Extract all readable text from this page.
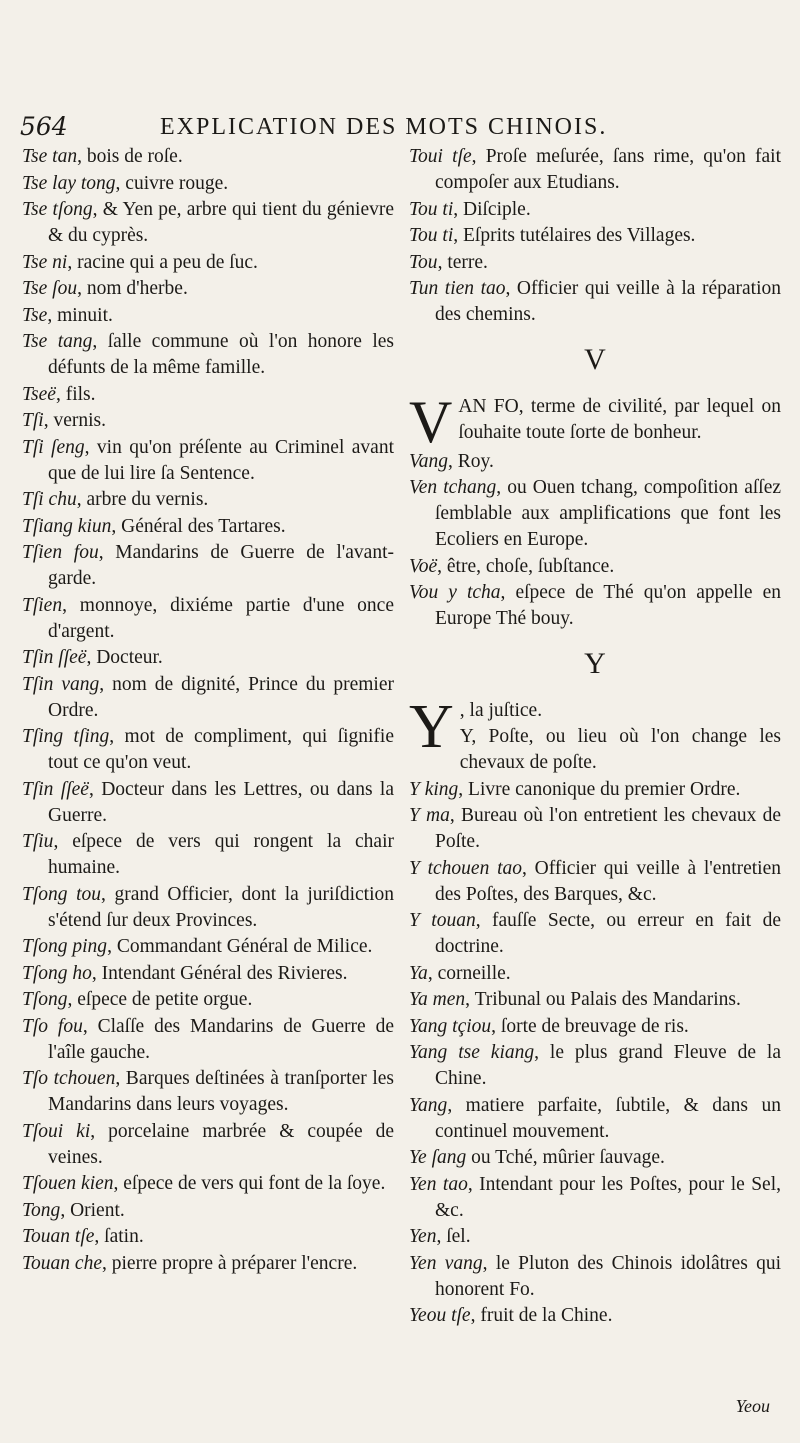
564	EXPLICATION DES MOTS CHINOIS.
Tse tan, bois de roſe.
Tse lay tong, cuivre rouge.
Tse tſong, & Yen pe, arbre qui tient du génievre & du cyprès.
Tse ni, racine qui a peu de ſuc.
Tse ſou, nom d'herbe.
Tse, minuit.
Tse tang, ſalle commune où l'on honore les défunts de la même famille.
Tseë, fils.
Tſi, vernis.
Tſi ſeng, vin qu'on préſente au Criminel avant que de lui lire ſa Sentence.
Tſi chu, arbre du vernis.
Tſiang kiun, Général des Tartares.
Tſien fou, Mandarins de Guerre de l'avant-garde.
Tſien, monnoye, dixiéme partie d'une once d'argent.
Tſin ſſeë, Docteur.
Tſin vang, nom de dignité, Prince du premier Ordre.
Tſing tſing, mot de compliment, qui ſignifie tout ce qu'on veut.
Tſin ſſeë, Docteur dans les Lettres, ou dans la Guerre.
Tſiu, eſpece de vers qui rongent la chair humaine.
Tſong tou, grand Officier, dont la juriſdiction s'étend ſur deux Provinces.
Tſong ping, Commandant Général de Milice.
Tſong ho, Intendant Général des Rivieres.
Tſong, eſpece de petite orgue.
Tſo fou, Claſſe des Mandarins de Guerre de l'aîle gauche.
Tſo tchouen, Barques deſtinées à tranſporter les Mandarins dans leurs voyages.
Tſoui ki, porcelaine marbrée & coupée de veines.
Tſouen kien, eſpece de vers qui font de la ſoye.
Tong, Orient.
Touan tſe, ſatin.
Touan che, pierre propre à préparer l'encre.
Toui tſe, Proſe meſurée, ſans rime, qu'on fait compoſer aux Etudians.
Tou ti, Diſciple.
Tou ti, Eſprits tutélaires des Villages.
Tou, terre.
Tun tien tao, Officier qui veille à la réparation des chemins.
V
V AN FO, terme de civilité, par lequel on ſouhaite toute ſorte de bonheur.
Vang, Roy.
Ven tchang, ou Ouen tchang, compoſition aſſez ſemblable aux amplifications que font les Ecoliers en Europe.
Voë, être, choſe, ſubſtance.
Vou y tcha, eſpece de Thé qu'on appelle en Europe Thé bouy.
Y
Y , la juſtice.
Y, Poſte, ou lieu où l'on change les chevaux de poſte.
Y king, Livre canonique du premier Ordre.
Y ma, Bureau où l'on entretient les chevaux de Poſte.
Y tchouen tao, Officier qui veille à l'entretien des Poſtes, des Barques, &c.
Y touan, fauſſe Secte, ou erreur en fait de doctrine.
Ya, corneille.
Ya men, Tribunal ou Palais des Mandarins.
Yang tçiou, ſorte de breuvage de ris.
Yang tse kiang, le plus grand Fleuve de la Chine.
Yang, matiere parfaite, ſubtile, & dans un continuel mouvement.
Ye ſang ou Tché, mûrier ſauvage.
Yen tao, Intendant pour les Poſtes, pour le Sel, &c.
Yen, ſel.
Yen vang, le Pluton des Chinois idolâtres qui honorent Fo.
Yeou tſe, fruit de la Chine.
Yeou
